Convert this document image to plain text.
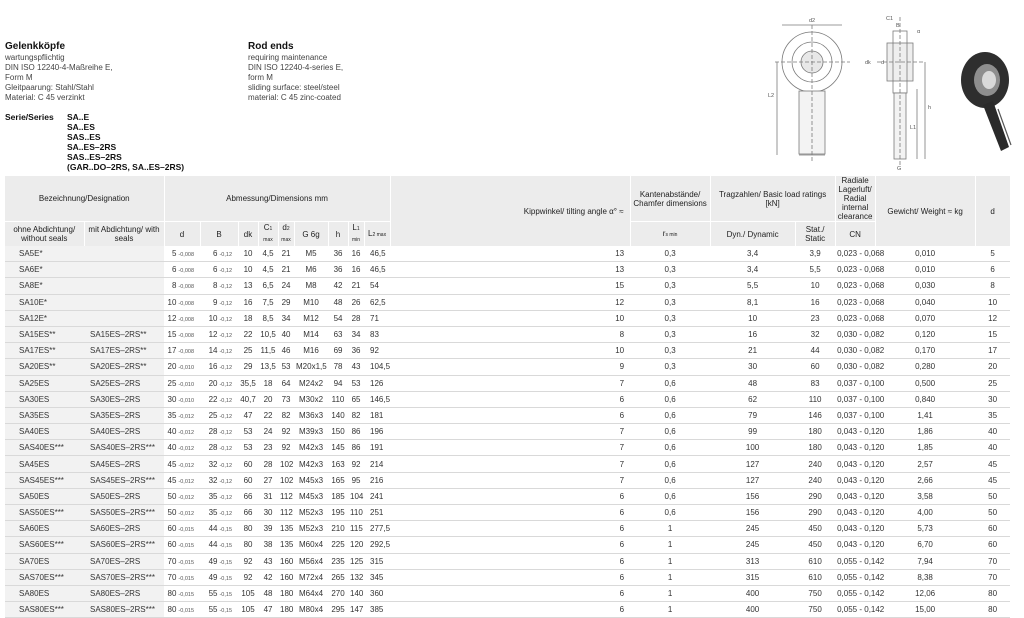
Gelenkköpfe
wartungspflichtig
DIN ISO 12240-4-Maßreihe E,
Form M
Gleitpaarung: Stahl/Stahl
Material: C 45 verzinkt
Rod ends
requiring maintenance
DIN ISO 12240-4-series E,
form M
sliding surface: steel/steel
material: C 45 zinc-coated
Serie/Series SA..E
SA..ES
SAS..ES
SA..ES–2RS
SAS..ES–2RS
(GAR..DO–2RS, SA..ES–2RS)
d2
B
C1
dk d
L2
h
L1
G
α
Bezeichnung/Designation		Abmessung/Dimensions mm									Kippwinkel/ tilting angle α° ≈	Kantenabstände/ Chamfer dimensions	Tragzahlen/ Basic load ratings [kN]		Radiale Lagerluft/ Radial internal clearance	Gewicht/ Weight ≈ kg	d
ohne Abdichtung/ without seals	mit Abdichtung/ with seals	d	B	dk	C1 max	d2 max	G 6g	h	L1 min	L2 max		rs min	Dyn./ Dynamic	Stat./ Static	CN		
SA5E*		5 -0,008	6 -0,12	10	4,5	21	M5	36	16	46,5	13	0,3	3,4	3,9	0,023 - 0,068	0,010	5
SA6E*		6 -0,008	6 -0,12	10	4,5	21	M6	36	16	46,5	13	0,3	3,4	5,5	0,023 - 0,068	0,010	6
SA8E*		8 -0,008	8 -0,12	13	6,5	24	M8	42	21	54	15	0,3	5,5	10	0,023 - 0,068	0,030	8
SA10E*		10 -0,008	9 -0,12	16	7,5	29	M10	48	26	62,5	12	0,3	8,1	16	0,023 - 0,068	0,040	10
SA12E*		12 -0,008	10 -0,12	18	8,5	34	M12	54	28	71	10	0,3	10	23	0,023 - 0,068	0,070	12
SA15ES**	SA15ES–2RS**	15 -0,008	12 -0,12	22	10,5	40	M14	63	34	83	8	0,3	16	32	0,030 - 0,082	0,120	15
SA17ES**	SA17ES–2RS**	17 -0,008	14 -0,12	25	11,5	46	M16	69	36	92	10	0,3	21	44	0,030 - 0,082	0,170	17
SA20ES**	SA20ES–2RS**	20 -0,010	16 -0,12	29	13,5	53	M20x1,5	78	43	104,5	9	0,3	30	60	0,030 - 0,082	0,280	20
SA25ES	SA25ES–2RS	25 -0,010	20 -0,12	35,5	18	64	M24x2	94	53	126	7	0,6	48	83	0,037 - 0,100	0,500	25
SA30ES	SA30ES–2RS	30 -0,010	22 -0,12	40,7	20	73	M30x2	110	65	146,5	6	0,6	62	110	0,037 - 0,100	0,840	30
SA35ES	SA35ES–2RS	35 -0,012	25 -0,12	47	22	82	M36x3	140	82	181	6	0,6	79	146	0,037 - 0,100	1,41	35
SA40ES	SA40ES–2RS	40 -0,012	28 -0,12	53	24	92	M39x3	150	86	196	7	0,6	99	180	0,043 - 0,120	1,86	40
SAS40ES***	SAS40ES–2RS***	40 -0,012	28 -0,12	53	23	92	M42x3	145	86	191	7	0,6	100	180	0,043 - 0,120	1,85	40
SA45ES	SA45ES–2RS	45 -0,012	32 -0,12	60	28	102	M42x3	163	92	214	7	0,6	127	240	0,043 - 0,120	2,57	45
SAS45ES***	SAS45ES–2RS***	45 -0,012	32 -0,12	60	27	102	M45x3	165	95	216	7	0,6	127	240	0,043 - 0,120	2,66	45
SA50ES	SA50ES–2RS	50 -0,012	35 -0,12	66	31	112	M45x3	185	104	241	6	0,6	156	290	0,043 - 0,120	3,58	50
SAS50ES***	SAS50ES–2RS***	50 -0,012	35 -0,12	66	30	112	M52x3	195	110	251	6	0,6	156	290	0,043 - 0,120	4,00	50
SA60ES	SA60ES–2RS	60 -0,015	44 -0,15	80	39	135	M52x3	210	115	277,5	6	1	245	450	0,043 - 0,120	5,73	60
SAS60ES***	SAS60ES–2RS***	60 -0,015	44 -0,15	80	38	135	M60x4	225	120	292,5	6	1	245	450	0,043 - 0,120	6,70	60
SA70ES	SA70ES–2RS	70 -0,015	49 -0,15	92	43	160	M56x4	235	125	315	6	1	313	610	0,055 - 0,142	7,94	70
SAS70ES***	SAS70ES–2RS***	70 -0,015	49 -0,15	92	42	160	M72x4	265	132	345	6	1	315	610	0,055 - 0,142	8,38	70
SA80ES	SA80ES–2RS	80 -0,015	55 -0,15	105	48	180	M64x4	270	140	360	6	1	400	750	0,055 - 0,142	12,06	80
SAS80ES***	SAS80ES–2RS***	80 -0,015	55 -0,15	105	47	180	M80x4	295	147	385	6	1	400	750	0,055 - 0,142	15,00	80
